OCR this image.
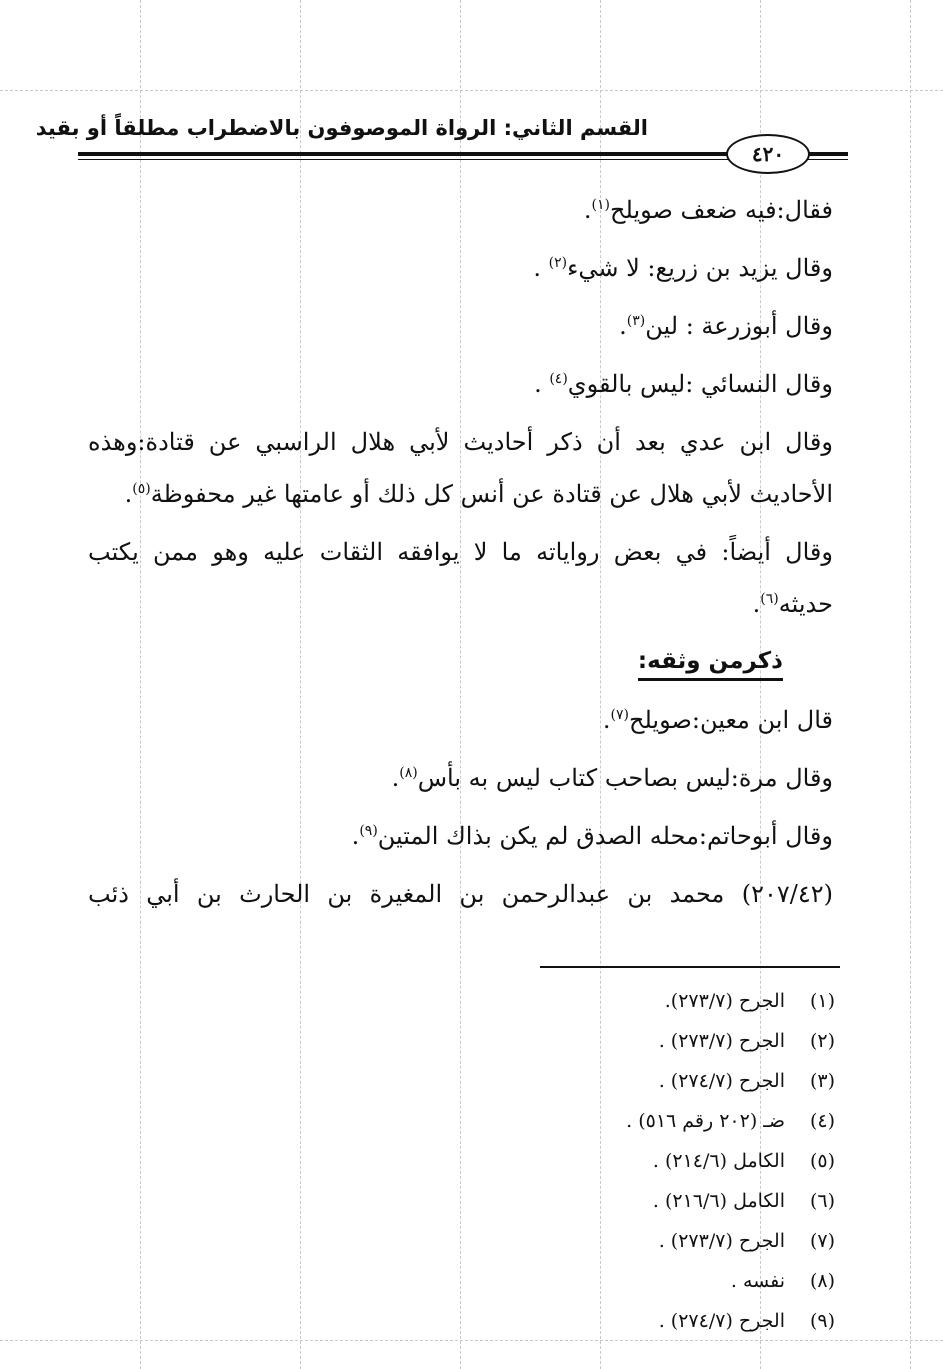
القسم الثاني: الرواة الموصوفون بالاضطراب مطلقاً أو بقيد
٤٢٠
فقال:فيه ضعف صويلح$^{(١)}$.
وقال يزيد بن زريع: لا شيء$^{(٢)}$ .
وقال أبوزرعة : لين$^{(٣)}$.
وقال النسائي :ليس بالقوي$^{(٤)}$ .
وقال ابن عدي بعد أن ذكر أحاديث لأبي هلال الراسبي عن قتادة:وهذه
الأحاديث لأبي هلال عن قتادة عن أنس كل ذلك أو عامتها غير محفوظة$^{(٥)}$.
وقال أيضاً: في بعض رواياته ما لا يوافقه الثقات عليه وهو ممن يكتب
حديثه$^{(٦)}$.
ذكرمن وثقه:
قال ابن معين:صويلح$^{(٧)}$.
وقال مرة:ليس بصاحب كتاب ليس به بأس$^{(٨)}$.
وقال أبوحاتم:محله الصدق لم يكن بذاك المتين$^{(٩)}$.
(٢٠٧/٤٢) محمد بن عبدالرحمن بن المغيرة بن الحارث بن أبي ذئب
(١)الجرح (٢٧٣/٧).
(٢)الجرح (٢٧٣/٧) .
(٣)الجرح (٢٧٤/٧) .
(٤)ضـ (٢٠٢ رقم ٥١٦) .
(٥)الكامل (٢١٤/٦) .
(٦)الكامل (٢١٦/٦) .
(٧)الجرح (٢٧٣/٧) .
(٨)نفسه .
(٩)الجرح (٢٧٤/٧) .
